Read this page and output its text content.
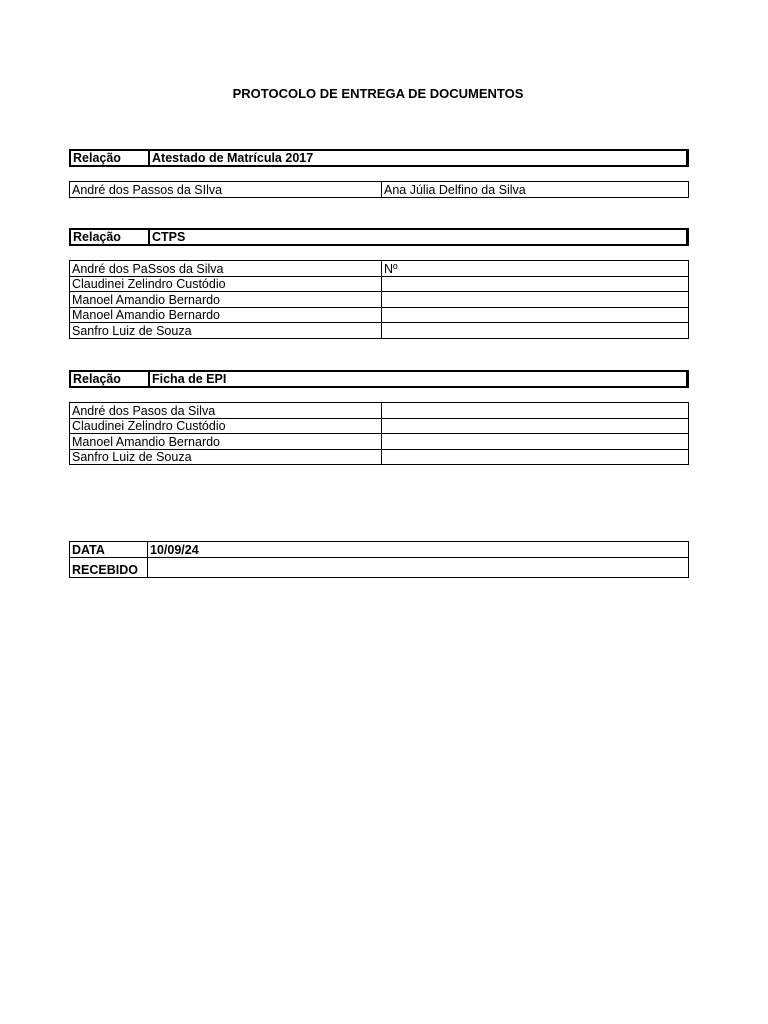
PROTOCOLO DE ENTREGA DE DOCUMENTOS
Relação	Atestado de Matrícula 2017
André dos Passos da SIlva	Ana Júlia Delfino da Silva
Relação	CTPS
André dos PaSsos da Silva	Nº
Claudinei Zelindro Custódio	
Manoel Amandio Bernardo	
Manoel Amandio Bernardo	
Sanfro Luiz de Souza	
Relação	Ficha de EPI
André dos Pasos da Silva	
Claudinei Zelindro Custódio	
Manoel Amandio Bernardo	
Sanfro Luiz de Souza	
DATA	10/09/24
RECEBIDO	
